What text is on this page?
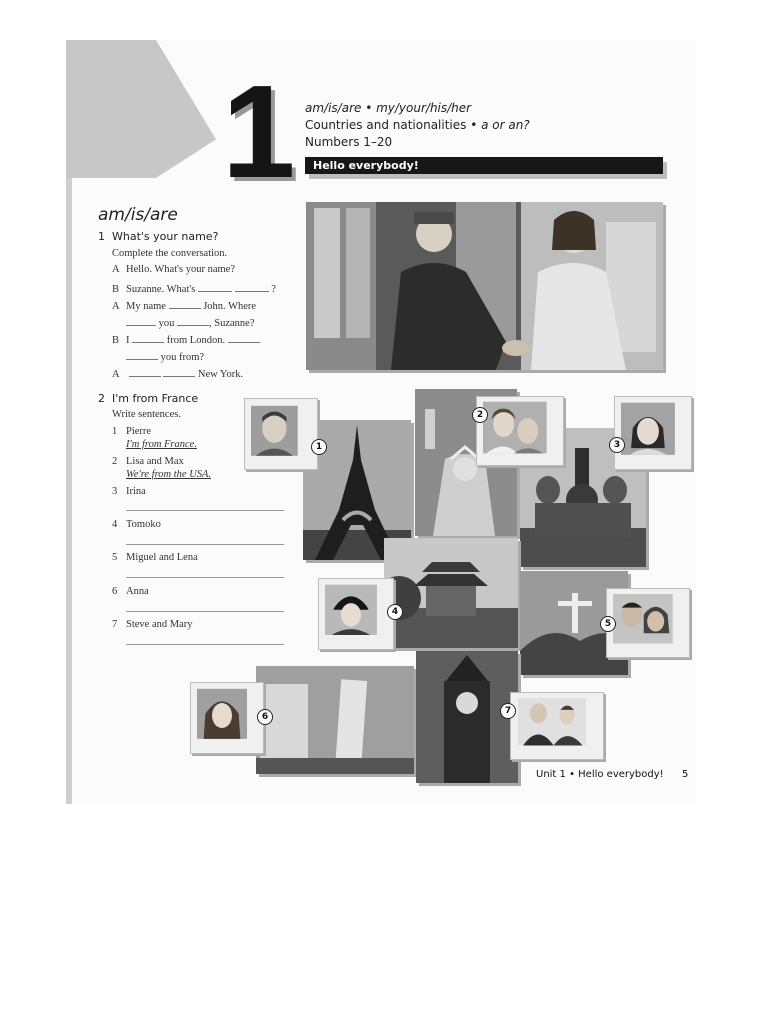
1 am/is/are • my/your/his/her
Countries and nationalities • a or an?
Numbers 1–20
Hello everybody!
am/is/are
1 What's your name?
Complete the conversation.
A Hello. What's your name?
B Suzanne. What's	?
A My name	John. Where
you	, Suzanne?
B I	from London.
you from?
A	New York.
2 I'm from France
Write sentences.
1 Pierre
I'm from France.
2 Lisa and Max
We're from the USA.
3 Irina
4 Tomoko
5 Miguel and Lena
6 Anna
7 Steve and Mary
1
2
3
4
5
6
7
Unit 1 • Hello everybody! 5
